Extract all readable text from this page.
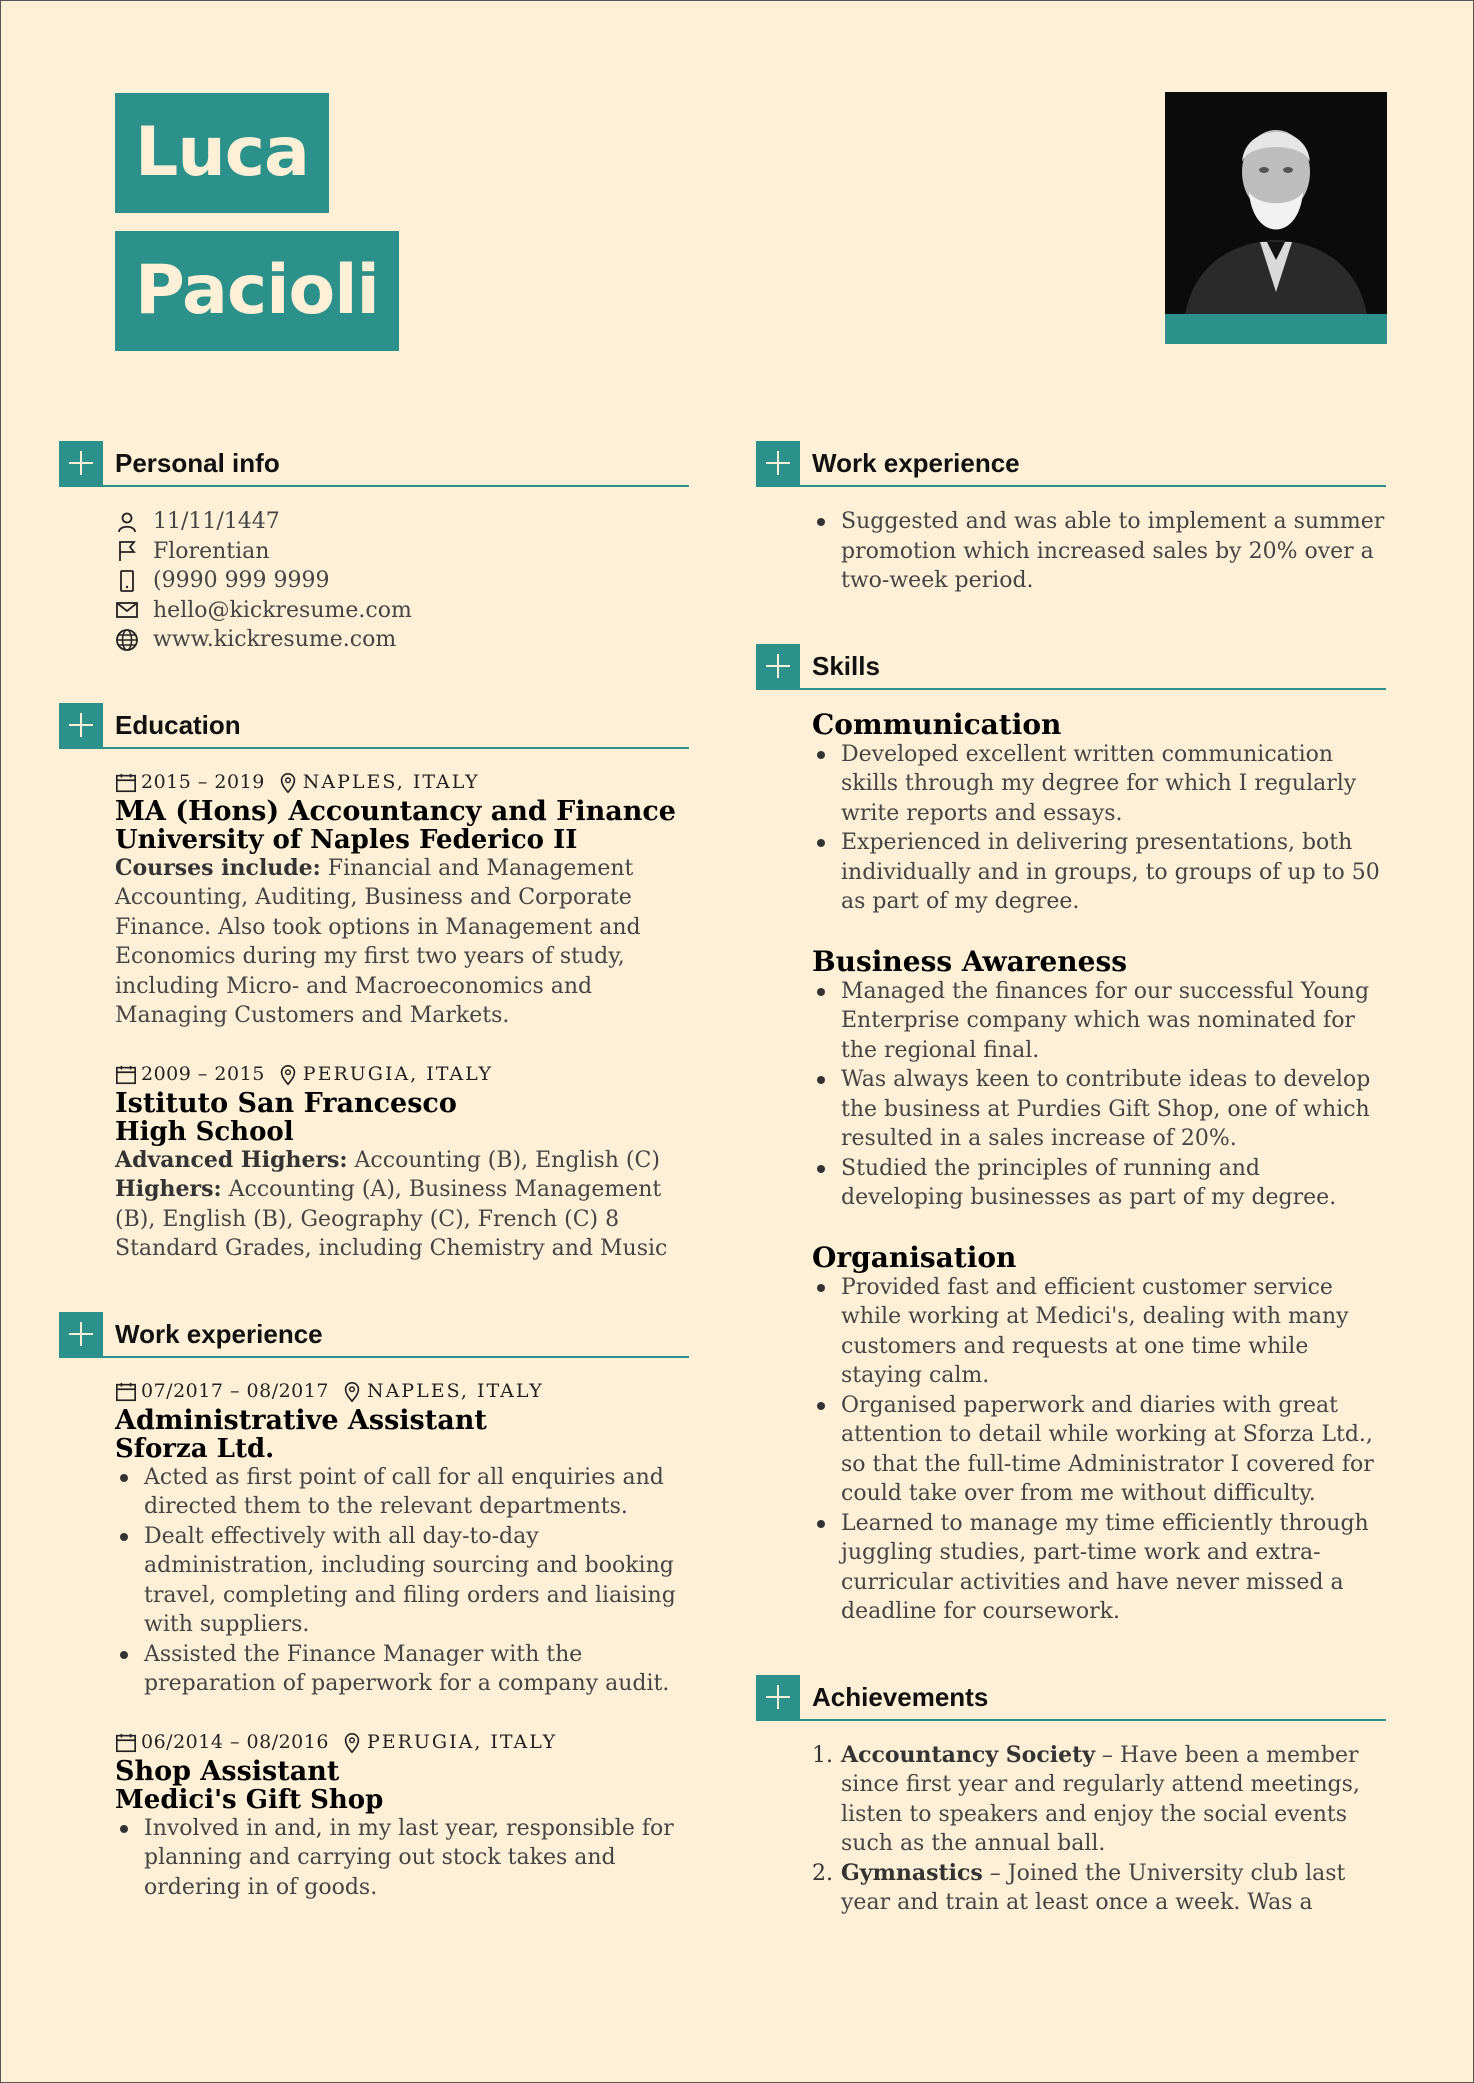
Luca
Pacioli
Personal info
11/11/1447
Florentian
(9990 999 9999
hello@kickresume.com
www.kickresume.com
Education
2015 – 2019 NAPLES, ITALY
MA (Hons) Accountancy and Finance
University of Naples Federico II
Courses include: Financial and Management Accounting, Auditing, Business and Corporate Finance. Also took options in Management and Economics during my first two years of study, including Micro- and Macroeconomics and Managing Customers and Markets.
2009 – 2015 PERUGIA, ITALY
Istituto San Francesco
High School
Advanced Highers: Accounting (B), English (C)
Highers: Accounting (A), Business Management (B), English (B), Geography (C), French (C) 8 Standard Grades, including Chemistry and Music
Work experience
07/2017 – 08/2017 NAPLES, ITALY
Administrative Assistant
Sforza Ltd.
Acted as first point of call for all enquiries and directed them to the relevant departments.
Dealt effectively with all day-to-day administration, including sourcing and booking travel, completing and filing orders and liaising with suppliers.
Assisted the Finance Manager with the preparation of paperwork for a company audit.
06/2014 – 08/2016 PERUGIA, ITALY
Shop Assistant
Medici's Gift Shop
Involved in and, in my last year, responsible for planning and carrying out stock takes and ordering in of goods.
Work experience
Suggested and was able to implement a summer promotion which increased sales by 20% over a two-week period.
Skills
Communication
Developed excellent written communication skills through my degree for which I regularly write reports and essays.
Experienced in delivering presentations, both individually and in groups, to groups of up to 50 as part of my degree.
Business Awareness
Managed the finances for our successful Young Enterprise company which was nominated for the regional final.
Was always keen to contribute ideas to develop the business at Purdies Gift Shop, one of which resulted in a sales increase of 20%.
Studied the principles of running and developing businesses as part of my degree.
Organisation
Provided fast and efficient customer service while working at Medici's, dealing with many customers and requests at one time while staying calm.
Organised paperwork and diaries with great attention to detail while working at Sforza Ltd., so that the full-time Administrator I covered for could take over from me without difficulty.
Learned to manage my time efficiently through juggling studies, part-time work and extra-curricular activities and have never missed a deadline for coursework.
Achievements
1. Accountancy Society – Have been a member since first year and regularly attend meetings, listen to speakers and enjoy the social events such as the annual ball.
2. Gymnastics – Joined the University club last year and train at least once a week. Was a
